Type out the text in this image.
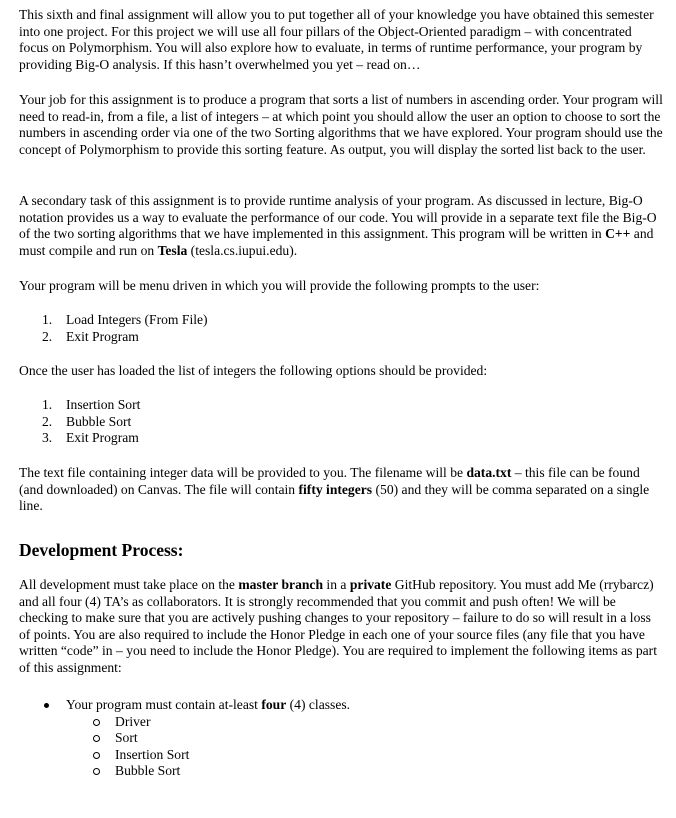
This sixth and final assignment will allow you to put together all of your knowledge you have obtained this semester into one project. For this project we will use all four pillars of the Object-Oriented paradigm – with concentrated focus on Polymorphism. You will also explore how to evaluate, in terms of runtime performance, your program by providing Big-O analysis. If this hasn’t overwhelmed you yet – read on…

Your job for this assignment is to produce a program that sorts a list of numbers in ascending order. Your program will need to read-in, from a file, a list of integers – at which point you should allow the user an option to choose to sort the numbers in ascending order via one of the two Sorting algorithms that we have explored. Your program should use the concept of Polymorphism to provide this sorting feature. As output, you will display the sorted list back to the user.

A secondary task of this assignment is to provide runtime analysis of your program. As discussed in lecture, Big-O notation provides us a way to evaluate the performance of our code. You will provide in a separate text file the Big-O of the two sorting algorithms that we have implemented in this assignment. This program will be written in C++ and must compile and run on Tesla (tesla.cs.iupui.edu).

Your program will be menu driven in which you will provide the following prompts to the user:

1. Load Integers (From File)
2. Exit Program

Once the user has loaded the list of integers the following options should be provided:

1. Insertion Sort
2. Bubble Sort
3. Exit Program

The text file containing integer data will be provided to you. The filename will be data.txt – this file can be found (and downloaded) on Canvas. The file will contain fifty integers (50) and they will be comma separated on a single line.

Development Process:

All development must take place on the master branch in a private GitHub repository. You must add Me (rrybarcz) and all four (4) TA’s as collaborators. It is strongly recommended that you commit and push often! We will be checking to make sure that you are actively pushing changes to your repository – failure to do so will result in a loss of points. You are also required to include the Honor Pledge in each one of your source files (any file that you have written “code” in – you need to include the Honor Pledge). You are required to implement the following items as part of this assignment:

Your program must contain at-least four (4) classes.
Driver
Sort
Insertion Sort
Bubble Sort
